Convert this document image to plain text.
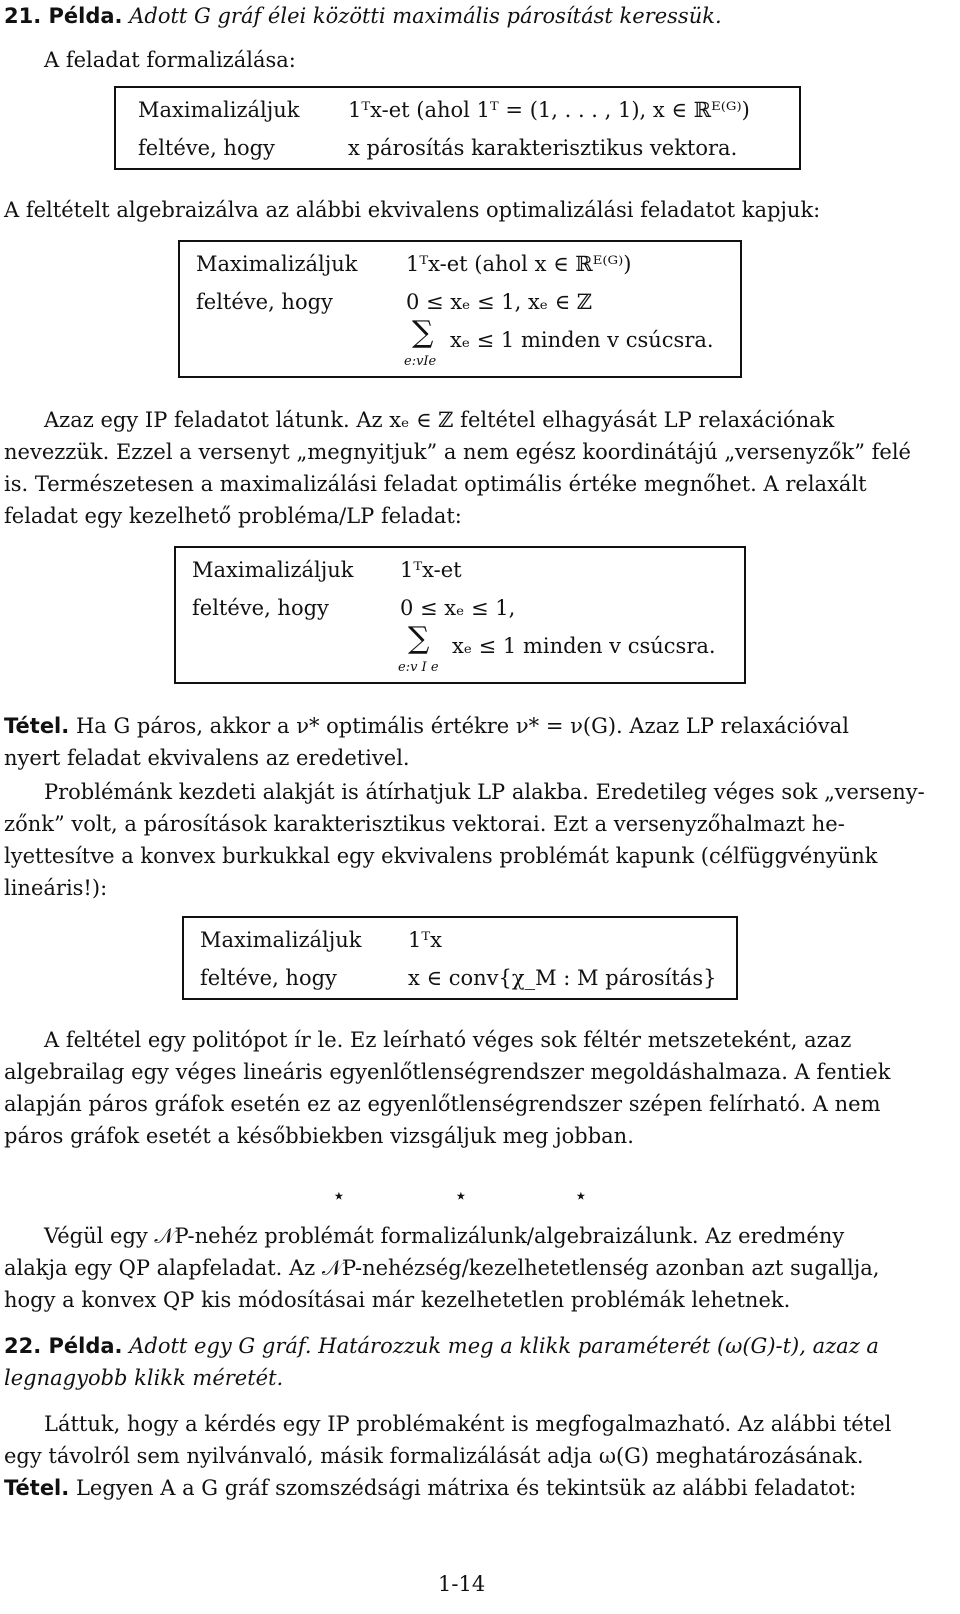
21. Példa. Adott G gráf élei közötti maximális párosítást keressük.
A feladat formalizálása:
Maximalizáljuk 1ᵀx-et (ahol 1ᵀ = (1, . . . , 1), x ∈ ℝᴱ⁽ᴳ⁾)
feltéve, hogy	x párosítás karakterisztikus vektora.
A feltételt algebraizálva az alábbi ekvivalens optimalizálási feladatot kapjuk:
Maximalizáljuk 1ᵀx-et (ahol x ∈ ℝᴱ⁽ᴳ⁾)
feltéve, hogy	0 ≤ xₑ ≤ 1, xₑ ∈ ℤ
∑ xₑ ≤ 1 minden v csúcsra.
e:vIe
Azaz egy IP feladatot látunk. Az xₑ ∈ ℤ feltétel elhagyását LP relaxációnak
nevezzük. Ezzel a versenyt „megnyitjuk” a nem egész koordinátájú „versenyzők” felé
is. Természetesen a maximalizálási feladat optimális értéke megnőhet. A relaxált
feladat egy kezelhető probléma/LP feladat:
Maximalizáljuk 1ᵀx-et
feltéve, hogy	0 ≤ xₑ ≤ 1,
∑ xₑ ≤ 1 minden v csúcsra.
e:v I e
Tétel. Ha G páros, akkor a ν* optimális értékre ν* = ν(G). Azaz LP relaxációval
nyert feladat ekvivalens az eredetivel.
Problémánk kezdeti alakját is átírhatjuk LP alakba. Eredetileg véges sok „verseny-
zőnk” volt, a párosítások karakterisztikus vektorai. Ezt a versenyzőhalmazt he-
lyettesítve a konvex burkukkal egy ekvivalens problémát kapunk (célfüggvényünk
lineáris!):
Maximalizáljuk 1ᵀx
feltéve, hogy	x ∈ conv{χ_M : M párosítás}
A feltétel egy politópot ír le. Ez leírható véges sok féltér metszeteként, azaz
algebrailag egy véges lineáris egyenlőtlenségrendszer megoldáshalmaza. A fentiek
alapján páros gráfok esetén ez az egyenlőtlenségrendszer szépen felírható. A nem
páros gráfok esetét a későbbiekben vizsgáljuk meg jobban.
⋆	⋆	⋆
Végül egy 𝒩P-nehéz problémát formalizálunk/algebraizálunk. Az eredmény
alakja egy QP alapfeladat. Az 𝒩P-nehézség/kezelhetetlenség azonban azt sugallja,
hogy a konvex QP kis módosításai már kezelhetetlen problémák lehetnek.
22. Példa. Adott egy G gráf. Határozzuk meg a klikk paraméterét (ω(G)-t), azaz a
legnagyobb klikk méretét.
Láttuk, hogy a kérdés egy IP problémaként is megfogalmazható. Az alábbi tétel
egy távolról sem nyilvánvaló, másik formalizálását adja ω(G) meghatározásának.
Tétel. Legyen A a G gráf szomszédsági mátrixa és tekintsük az alábbi feladatot:
1-14
